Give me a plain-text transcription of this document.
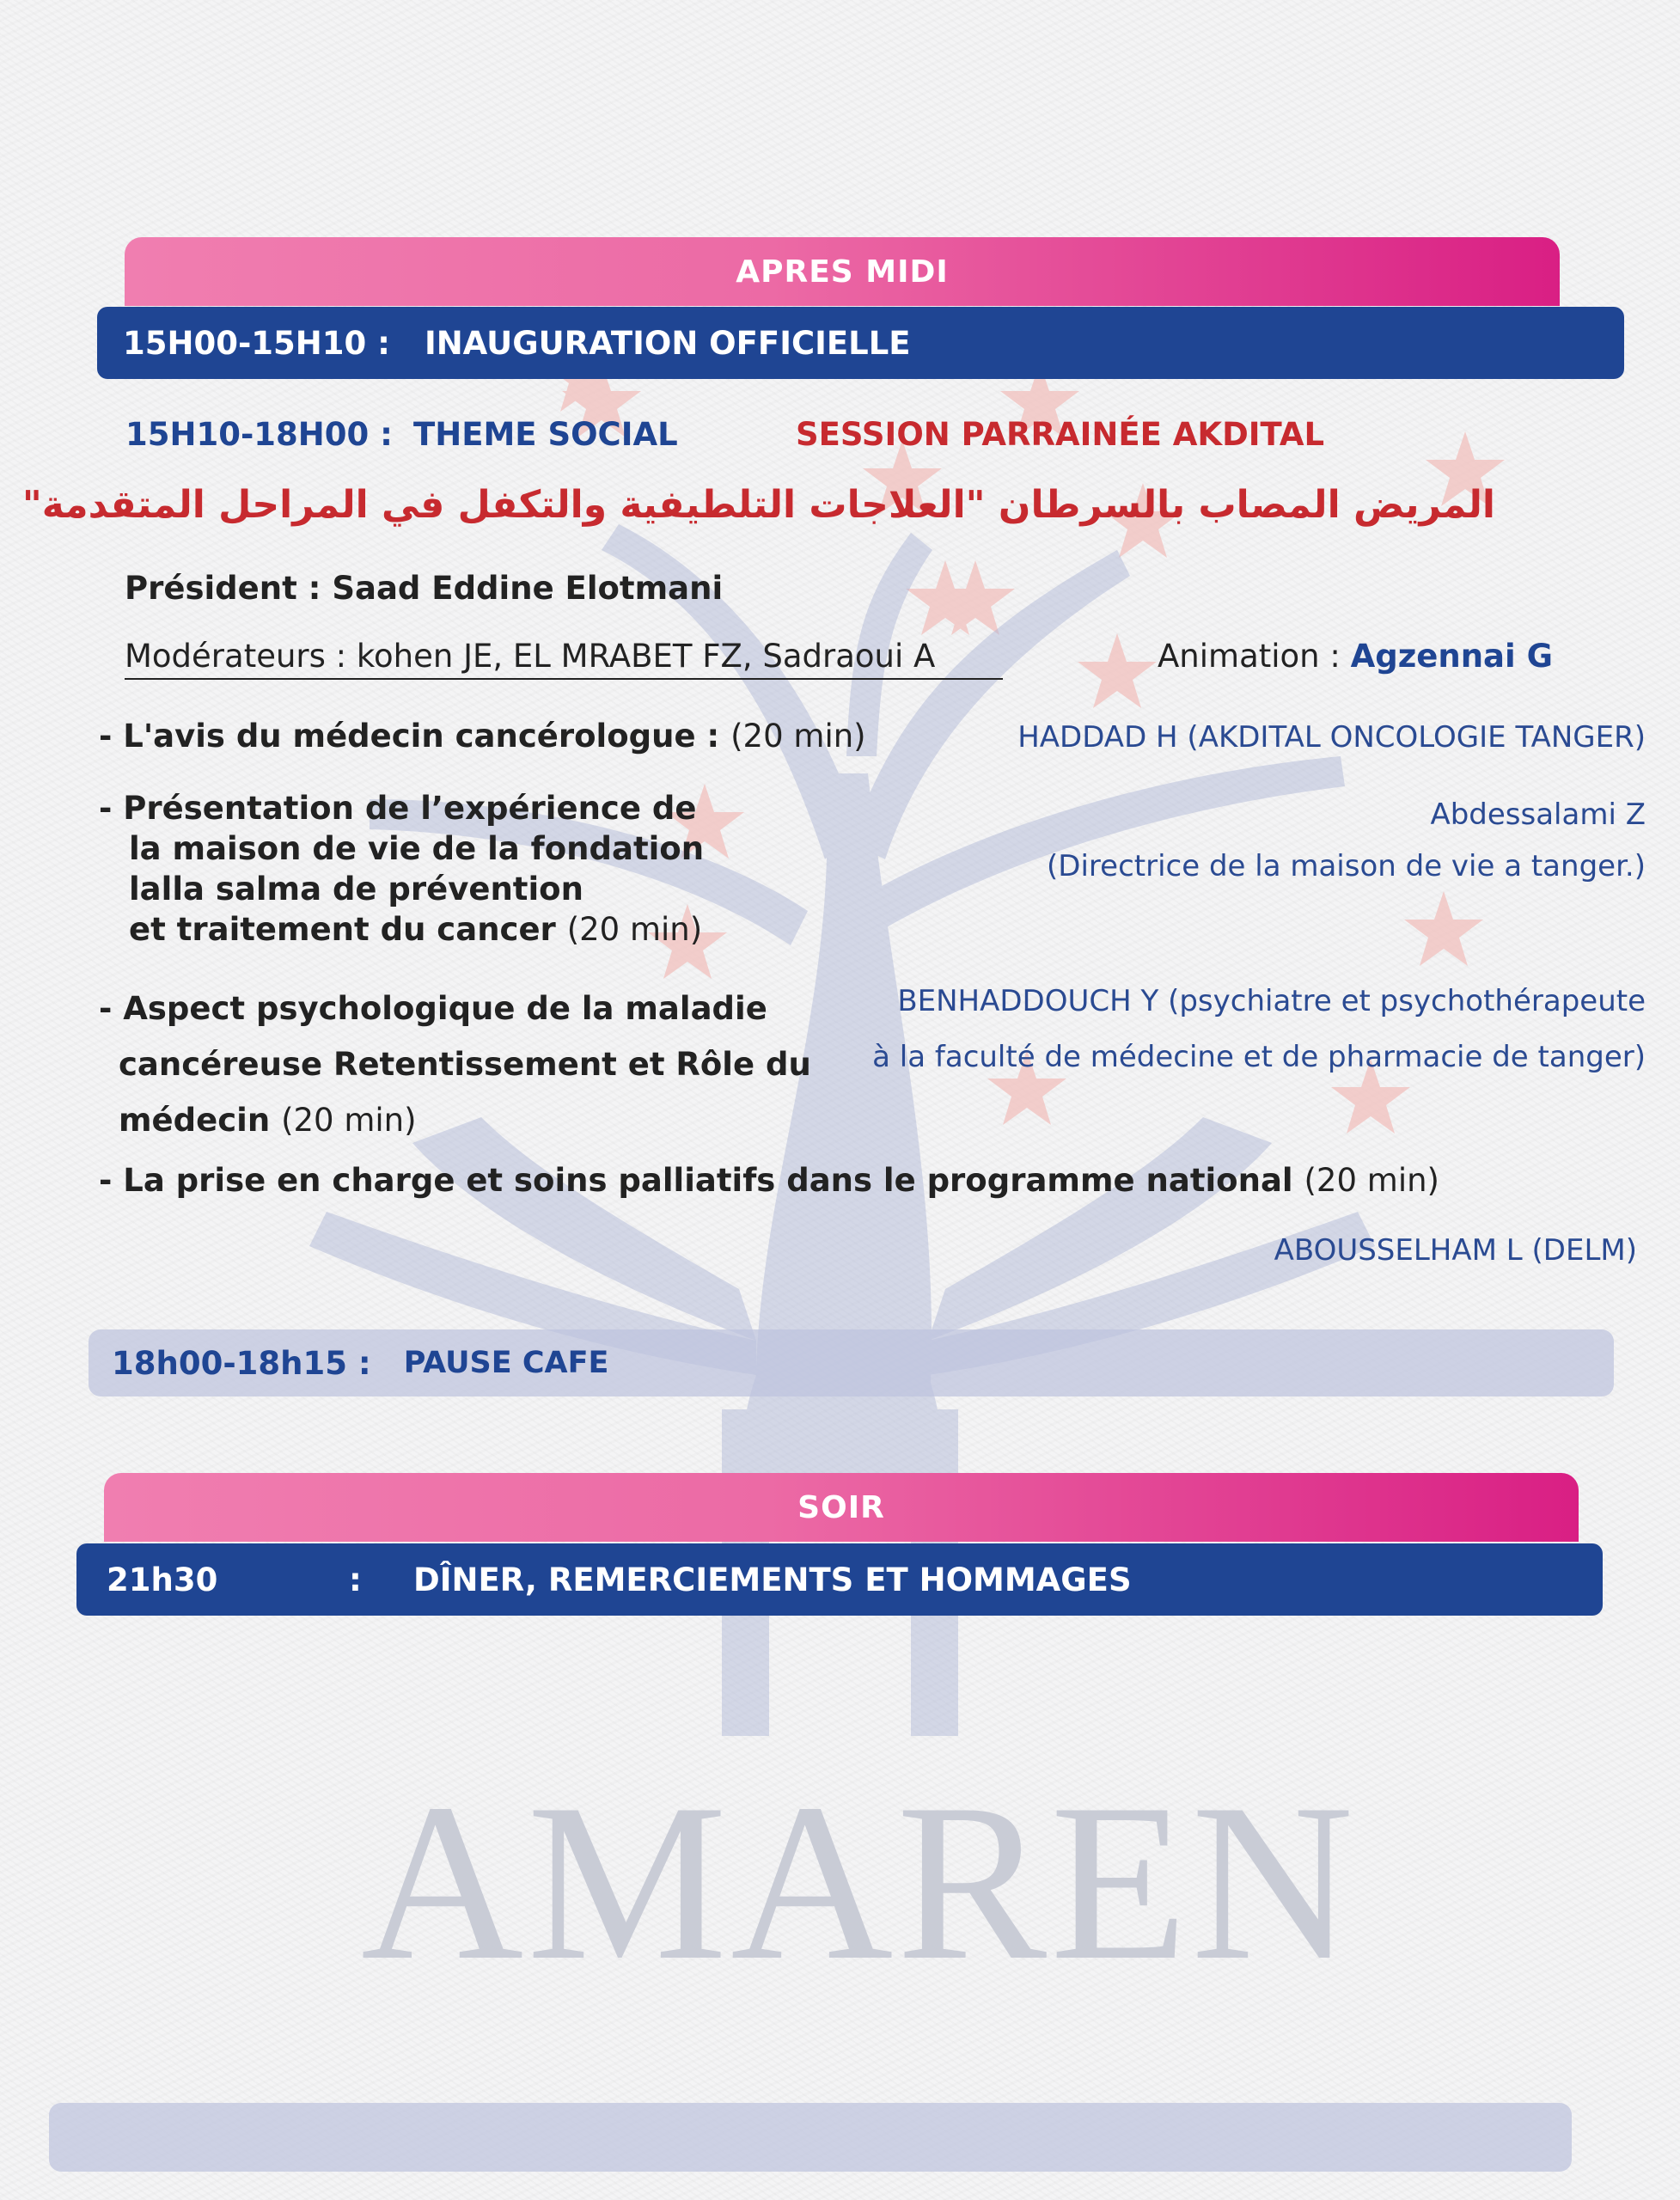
AMAREN
APRES MIDI
15H00-15H10 : INAUGURATION OFFICIELLE
15H10-18H00 : THEME SOCIAL	SESSION PARRAINÉE AKDITAL
المريض المصاب بالسرطان "العلاجات التلطيفية والتكفل في المراحل المتقدمة"
Président : Saad Eddine Elotmani
Modérateurs : kohen JE, EL MRABET FZ, Sadraoui A	Animation : Agzennai G
- L'avis du médecin cancérologue : (20 min)	HADDAD H (AKDITAL ONCOLOGIE TANGER)
- Présentation de l’expérience de
la maison de vie de la fondation
lalla salma de prévention
et traitement du cancer (20 min)
Abdessalami Z
(Directrice de la maison de vie a tanger.)
- Aspect psychologique de la maladie
cancéreuse Retentissement et Rôle du
médecin (20 min)
BENHADDOUCH Y (psychiatre et psychothérapeute
à la faculté de médecine et de pharmacie de tanger)
- La prise en charge et soins palliatifs dans le programme national (20 min)
ABOUSSELHAM L (DELM)
18h00-18h15 : PAUSE CAFE
SOIR
21h30	:	DÎNER, REMERCIEMENTS ET HOMMAGES
